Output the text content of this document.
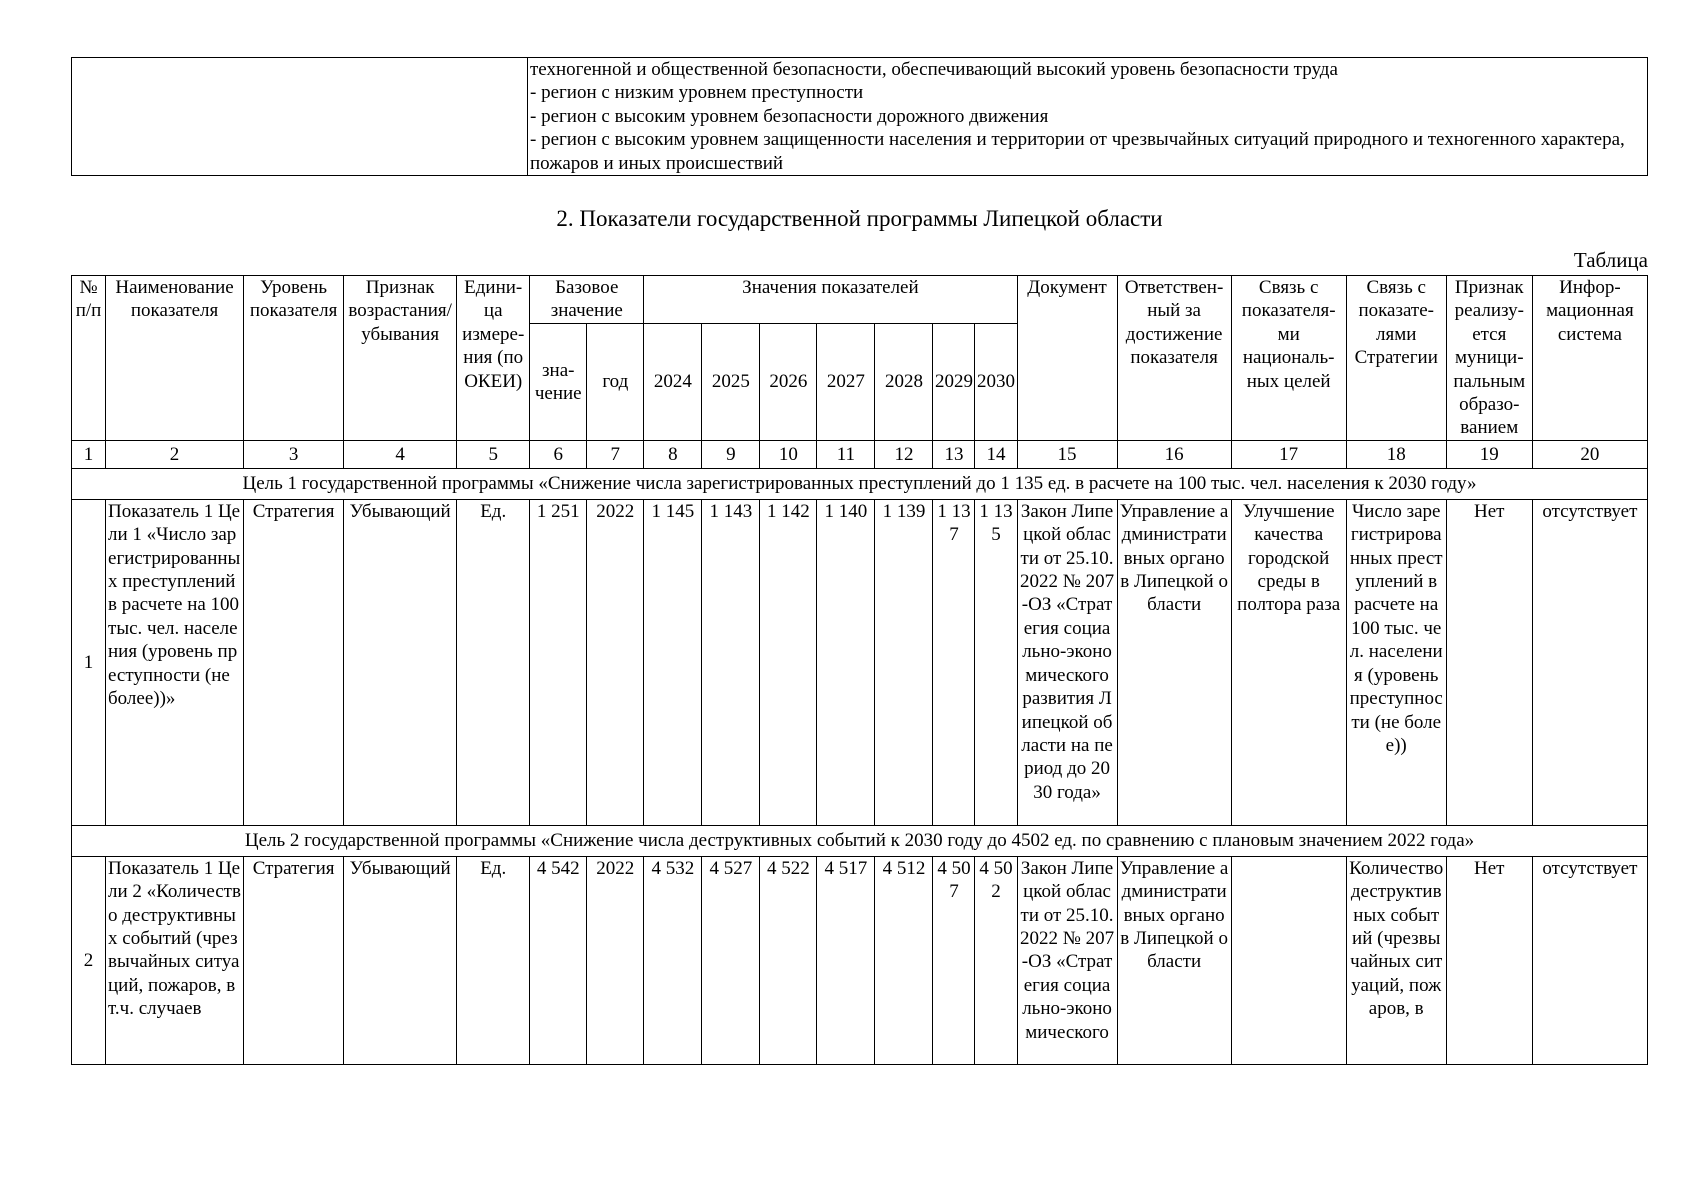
техногенной и общественной безопасности, обеспечивающий высокий уровень безопасности труда
- регион с низким уровнем преступности
- регион с высоким уровнем безопасности дорожного движения
- регион с высоким уровнем защищенности населения и территории от чрезвычайных ситуаций природного и техногенного характера, пожаров и иных происшествий
2. Показатели государственной программы Липецкой области
Таблица
№ п/п	Наименование показателя	Уровень показателя	Признак возрастания/ убывания	Едини-ца измере-ния (по ОКЕИ)	Базовое значение		Значения показателей							Документ	Ответствен-ный за достижение показателя	Связь с показателя-ми националь-ных целей	Связь с показате-лями Стратегии	Признак реализу-ется муници-пальным образо-ванием	Инфор-мационная система
					зна-чение	год	2024	2025	2026	2027	2028	2029	2030						
1	2	3	4	5	6	7	8	9	10	11	12	13	14	15	16	17	18	19	20
Цель 1 государственной программы «Снижение числа зарегистрированных преступлений до 1 135 ед. в расчете на 100 тыс. чел. населения к 2030 году»																			
1	Показатель 1 Цели 1 «Число зарегистрированных преступлений в расчете на 100 тыс. чел. населения (уровень преступности (не более))»	Стратегия	Убывающий	Ед.	1 251	2022	1 145	1 143	1 142	1 140	1 139	1 137	1 135	Закон Липецкой области от 25.10.2022 № 207-ОЗ «Стратегия социально-экономического развития Липецкой области на период до 2030 года»	Управление административных органов Липецкой области	Улучшение качества городской среды в полтора раза	Число зарегистрированных преступлений в расчете на 100 тыс. чел. населения (уровень преступности (не более))	Нет	отсутствует
Цель 2 государственной программы «Снижение числа деструктивных событий к 2030 году до 4502 ед. по сравнению с плановым значением 2022 года»																			
2	Показатель 1 Цели 2 «Количество деструктивных событий (чрезвычайных ситуаций, пожаров, в т.ч. случаев	Стратегия	Убывающий	Ед.	4 542	2022	4 532	4 527	4 522	4 517	4 512	4 507	4 502	Закон Липецкой области от 25.10.2022 № 207-ОЗ «Стратегия социально-экономического	Управление административных органов Липецкой области		Количество деструктивных событий (чрезвычайных ситуаций, пожаров, в	Нет	отсутствует
